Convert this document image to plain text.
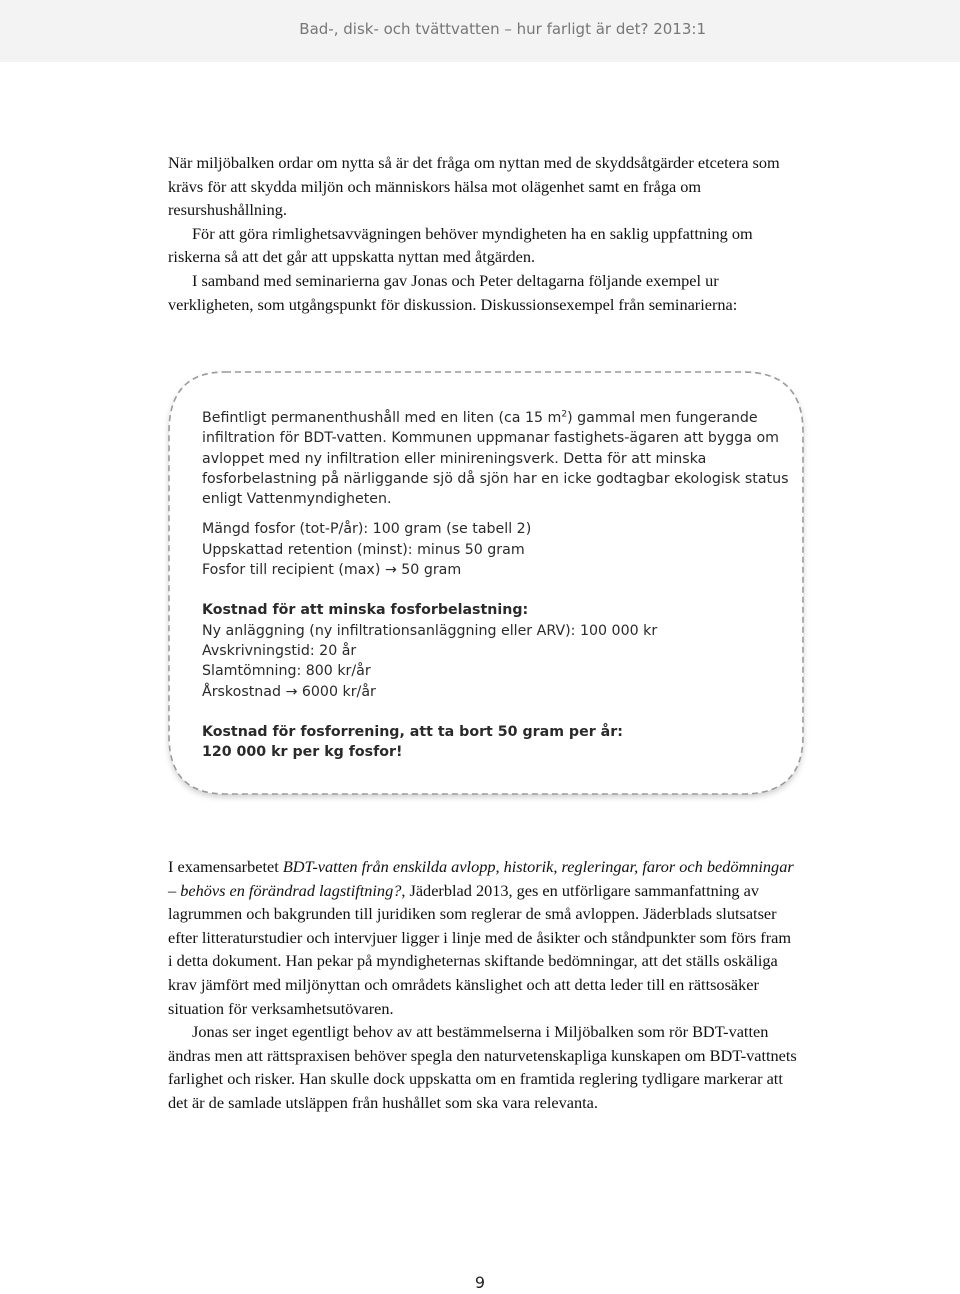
Bad-, disk- och tvättvatten – hur farligt är det? 2013:1

När miljöbalken ordar om nytta så är det fråga om nyttan med de skyddsåtgärder etcetera som krävs för att skydda miljön och människors hälsa mot olägenhet samt en fråga om resurshushållning.

För att göra rimlighetsavvägningen behöver myndigheten ha en saklig uppfattning om riskerna så att det går att uppskatta nyttan med åtgärden.

I samband med seminarierna gav Jonas och Peter deltagarna följande exempel ur verkligheten, som utgångspunkt för diskussion. Diskussionsexempel från seminarierna:

Befintligt permanenthushåll med en liten (ca 15 $m^2$) gammal men fungerande infiltration för BDT-vatten. Kommunen uppmanar fastighets-ägaren att bygga om avloppet med ny infiltration eller minireningsverk. Detta för att minska fosforbelastning på närliggande sjö då sjön har en icke godtagbar ekologisk status enligt Vattenmyndigheten.

Mängd fosfor (tot-P/år): 100 gram (se tabell 2)

Uppskattad retention (minst): minus 50 gram

Fosfor till recipient (max) → 50 gram

Kostnad för att minska fosforbelastning:

Ny anläggning (ny infiltrationsanläggning eller ARV): 100 000 kr

Avskrivningstid: 20 år

Slamtömning: 800 kr/år

Årskostnad → 6000 kr/år

Kostnad för fosforrening, att ta bort 50 gram per år:

120 000 kr per kg fosfor!

I examensarbetet BDT-vatten från enskilda avlopp, historik, regleringar, faror och bedömningar – behövs en förändrad lagstiftning?, Jäderblad 2013, ges en utförligare sammanfattning av lagrummen och bakgrunden till juridiken som reglerar de små avloppen. Jäderblads slutsatser efter litteraturstudier och intervjuer ligger i linje med de åsikter och ståndpunkter som förs fram i detta dokument. Han pekar på myndigheternas skiftande bedömningar, att det ställs oskäliga krav jämfört med miljönyttan och områdets känslighet och att detta leder till en rättsosäker situation för verksamhetsutövaren.

Jonas ser inget egentligt behov av att bestämmelserna i Miljöbalken som rör BDT-vatten ändras men att rättspraxisen behöver spegla den naturvetenskapliga kunskapen om BDT-vattnets farlighet och risker. Han skulle dock uppskatta om en framtida reglering tydligare markerar att det är de samlade utsläppen från hushållet som ska vara relevanta.

9
